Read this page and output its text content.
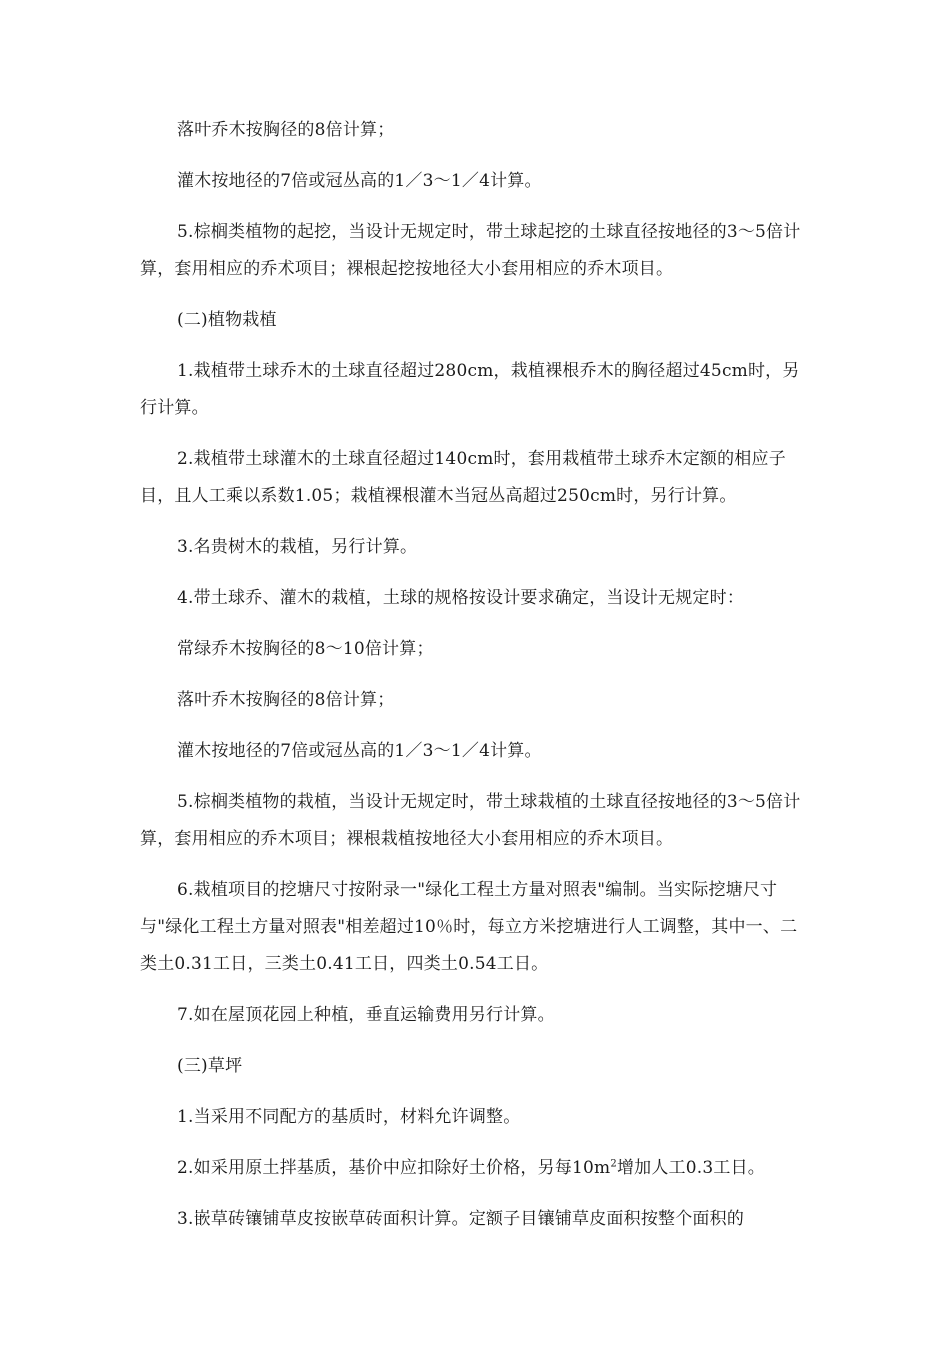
落叶乔木按胸径的8倍计算；

灌木按地径的7倍或冠丛高的1／3～1／4计算。

5.棕榈类植物的起挖，当设计无规定时，带土球起挖的土球直径按地径的3～5倍计算，套用相应的乔术项目；裸根起挖按地径大小套用相应的乔木项目。

(二)植物栽植

1.栽植带土球乔木的土球直径超过280cm，栽植裸根乔木的胸径超过45cm时，另行计算。

2.栽植带土球灌木的土球直径超过140cm时，套用栽植带土球乔木定额的相应子目，且人工乘以系数1.05；栽植裸根灌木当冠丛高超过250cm时，另行计算。

3.名贵树木的栽植，另行计算。

4.带土球乔、灌木的栽植，土球的规格按设计要求确定，当设计无规定时：

常绿乔木按胸径的8～10倍计算；

落叶乔木按胸径的8倍计算；

灌木按地径的7倍或冠丛高的1／3～1／4计算。

5.棕榈类植物的栽植，当设计无规定时，带土球栽植的土球直径按地径的3～5倍计算，套用相应的乔木项目；裸根栽植按地径大小套用相应的乔木项目。

6.栽植项目的挖塘尺寸按附录一"绿化工程土方量对照表"编制。当实际挖塘尺寸与"绿化工程土方量对照表"相差超过10％时，每立方米挖塘进行人工调整，其中一、二类土0.31工日，三类土0.41工日，四类土0.54工日。

7.如在屋顶花园上种植，垂直运输费用另行计算。

(三)草坪

1.当采用不同配方的基质时，材料允许调整。

2.如采用原土拌基质，基价中应扣除好土价格，另每$10m^2$增加人工0.3工日。

3.嵌草砖镶铺草皮按嵌草砖面积计算。定额子目镶铺草皮面积按整个面积的
